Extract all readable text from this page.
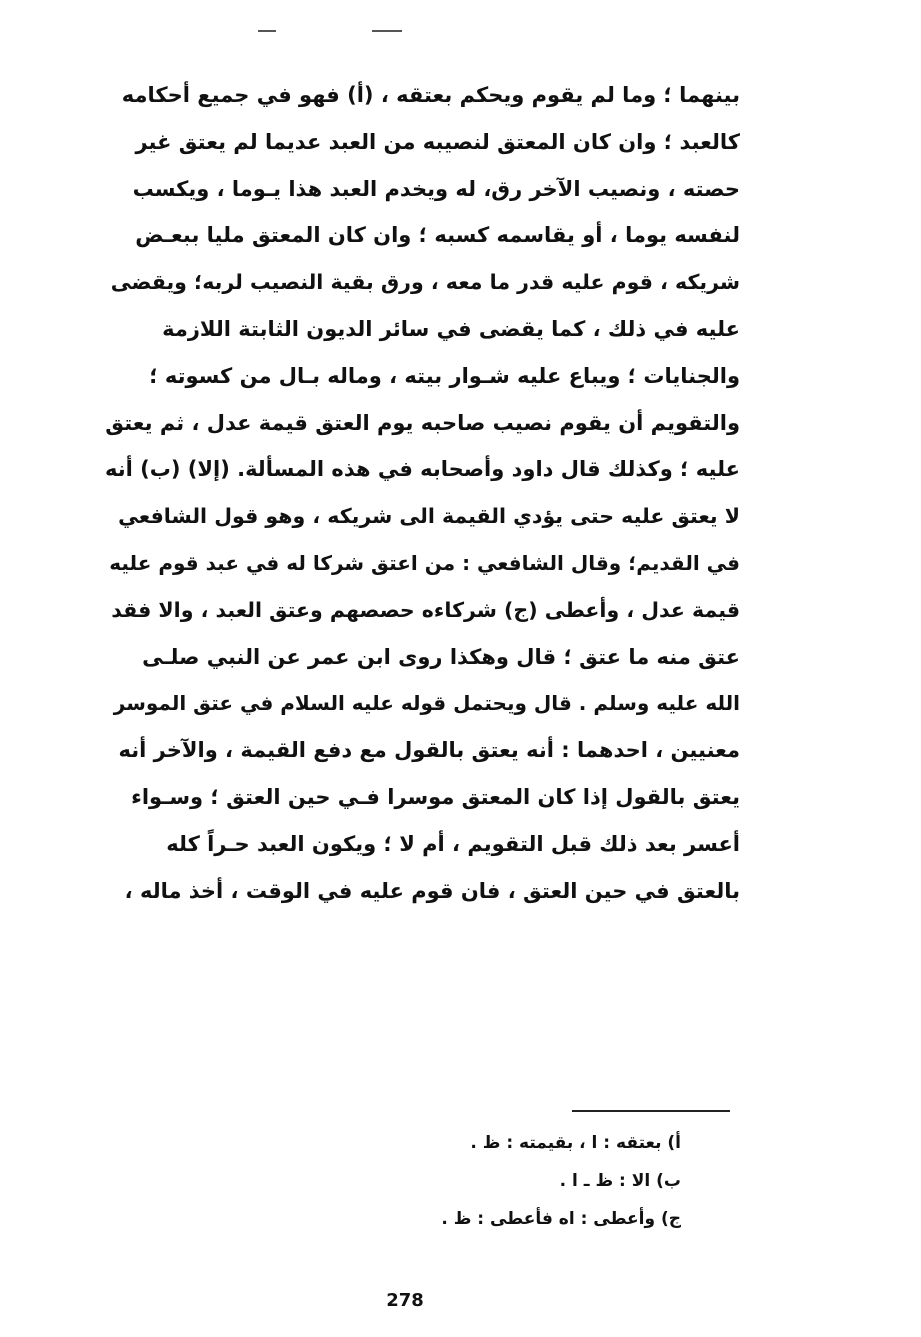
بينهما ؛ وما لم يقوم ويحكم بعتقه ، (أ) فهو في جميع أحكامه
كالعبد ؛ وان كان المعتق لنصيبه من العبد عديما لم يعتق غير
حصته ، ونصيب الآخر رق، له ويخدم العبد هذا يـوما ، ويكسب
لنفسه يوما ، أو يقاسمه كسبه ؛ وان كان المعتق مليا ببعـض
شريكه ، قوم عليه قدر ما معه ، ورق بقية النصيب لربه؛ ويقضى
عليه في ذلك ، كما يقضى في سائر الديون الثابتة اللازمة
والجنايات ؛ ويباع عليه شـوار بيته ، وماله بـال من كسوته ؛
والتقويم أن يقوم نصيب صاحبه يوم العتق قيمة عدل ، ثم يعتق
عليه ؛ وكذلك قال داود وأصحابه في هذه المسألة. (إلا) (ب) أنه
لا يعتق عليه حتى يؤدي القيمة الى شريكه ، وهو قول الشافعي
في القديم؛ وقال الشافعي : من اعتق شركا له في عبد قوم عليه
قيمة عدل ، وأعطى (ج) شركاءه حصصهم وعتق العبد ، والا فقد
عتق منه ما عتق ؛ قال وهكذا روى ابن عمر عن النبي صلـى
الله عليه وسلم . قال ويحتمل قوله عليه السلام في عتق الموسر
معنيين ، احدهما : أنه يعتق بالقول مع دفع القيمة ، والآخر أنه
يعتق بالقول إذا كان المعتق موسرا فـي حين العتق ؛ وسـواء
أعسر بعد ذلك قبل التقويم ، أم لا ؛ ويكون العبد حـراً كله
بالعتق في حين العتق ، فان قوم عليه في الوقت ، أخذ ماله ،
أ) بعتقه : ا ، بقيمته : ظ .
ب) الا : ظ ـ ا .
ج) وأعطى : اه فأعطى : ظ .
278
